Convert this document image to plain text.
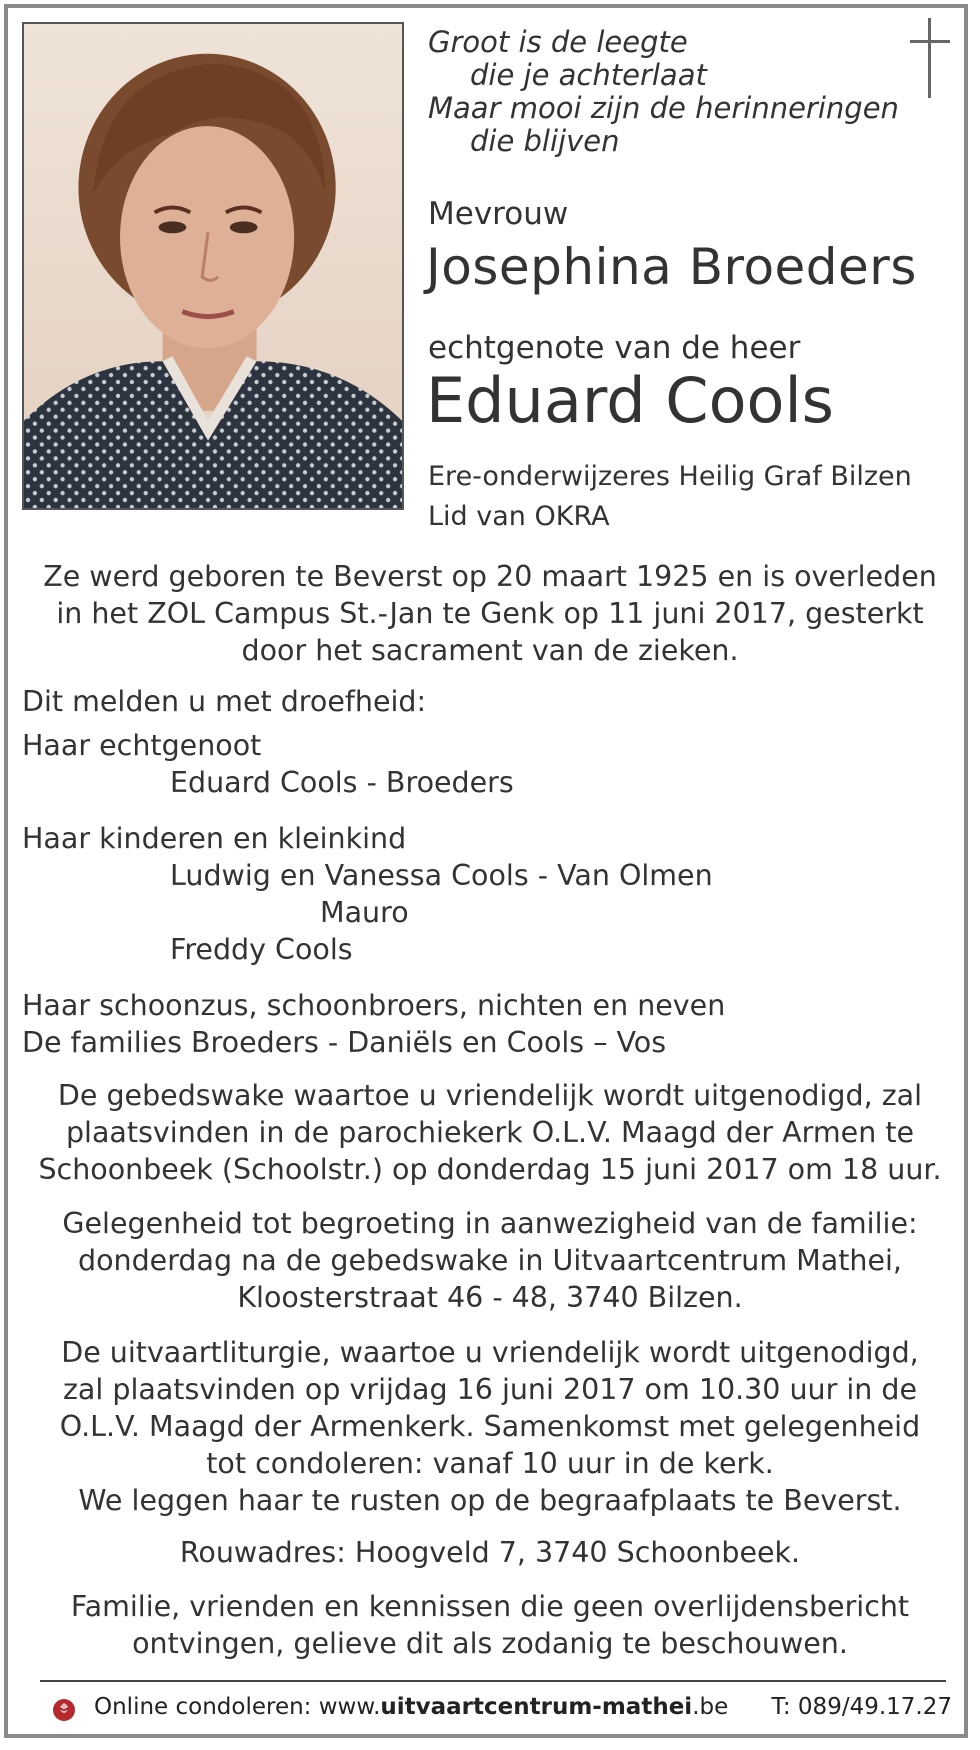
Groot is de leegte
die je achterlaat
Maar mooi zijn de herinneringen
die blijven
Mevrouw
Josephina Broeders
echtgenote van de heer
Eduard Cools
Ere-onderwijzeres Heilig Graf Bilzen
Lid van OKRA
Ze werd geboren te Beverst op 20 maart 1925 en is overleden
in het ZOL Campus St.-Jan te Genk op 11 juni 2017, gesterkt
door het sacrament van de zieken.
Dit melden u met droefheid:
Haar echtgenoot
Eduard Cools - Broeders
Haar kinderen en kleinkind
Ludwig en Vanessa Cools - Van Olmen
Mauro
Freddy Cools
Haar schoonzus, schoonbroers, nichten en neven
De families Broeders - Daniëls en Cools – Vos
De gebedswake waartoe u vriendelijk wordt uitgenodigd, zal
plaatsvinden in de parochiekerk O.L.V. Maagd der Armen te
Schoonbeek (Schoolstr.) op donderdag 15 juni 2017 om 18 uur.
Gelegenheid tot begroeting in aanwezigheid van de familie:
donderdag na de gebedswake in Uitvaartcentrum Mathei,
Kloosterstraat 46 - 48, 3740 Bilzen.
De uitvaartliturgie, waartoe u vriendelijk wordt uitgenodigd,
zal plaatsvinden op vrijdag 16 juni 2017 om 10.30 uur in de
O.L.V. Maagd der Armenkerk. Samenkomst met gelegenheid
tot condoleren: vanaf 10 uur in de kerk.
We leggen haar te rusten op de begraafplaats te Beverst.
Rouwadres: Hoogveld 7, 3740 Schoonbeek.
Familie, vrienden en kennissen die geen overlijdensbericht
ontvingen, gelieve dit als zodanig te beschouwen.
Online condoleren: www.uitvaartcentrum-mathei.be T: 089/49.17.27
